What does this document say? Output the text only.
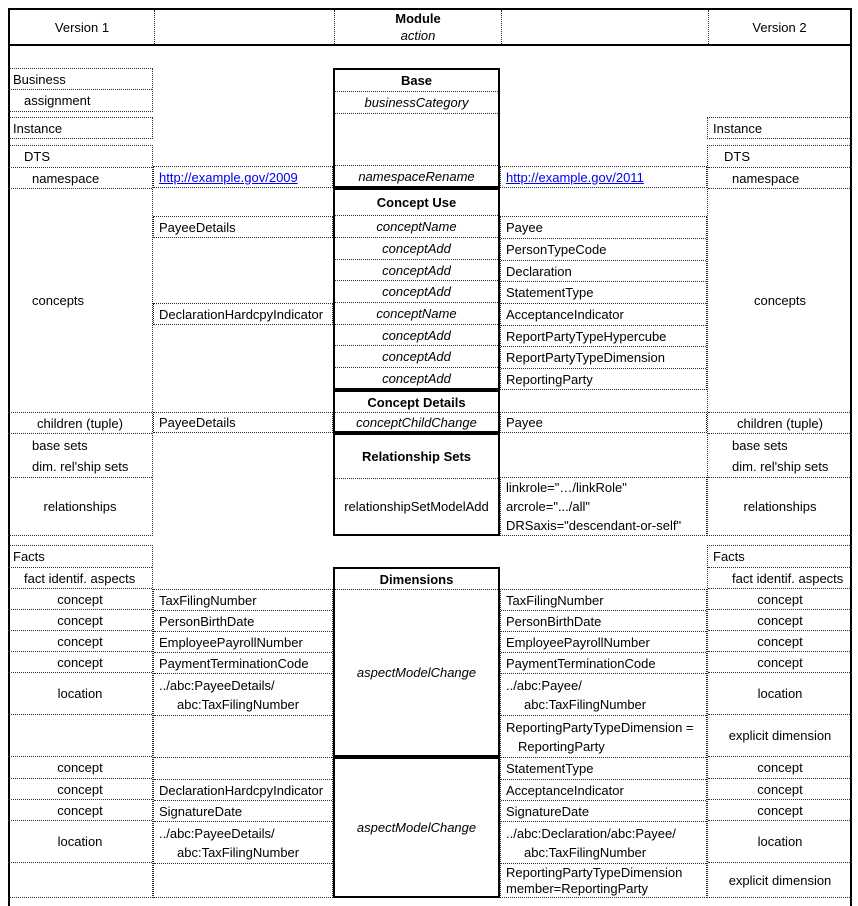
Version 1
Module
action
Version 2
Business
assignment
Instance
DTS
namespace
concepts
children (tuple)
base sets
dim. rel'ship sets
relationships
Facts
fact identif. aspects
concept
concept
concept
concept
location
concept
concept
concept
location
Instance
DTS
namespace
concepts
children (tuple)
base sets
dim. rel'ship sets
relationships
Facts
fact identif. aspects
concept
concept
concept
concept
location
explicit dimension
concept
concept
concept
location
explicit dimension
http://example.gov/2009
PayeeDetails
DeclarationHardcpyIndicator
PayeeDetails
TaxFilingNumber
PersonBirthDate
EmployeePayrollNumber
PaymentTerminationCode
../abc:PayeeDetails/
abc:TaxFilingNumber
DeclarationHardcpyIndicator
SignatureDate
../abc:PayeeDetails/
abc:TaxFilingNumber
http://example.gov/2011
Payee
PersonTypeCode
Declaration
StatementType
AcceptanceIndicator
ReportPartyTypeHypercube
ReportPartyTypeDimension
ReportingParty
Payee
linkrole="…/linkRole"
arcrole=".../all"
DRSaxis="descendant-or-self"
TaxFilingNumber
PersonBirthDate
EmployeePayrollNumber
PaymentTerminationCode
../abc:Payee/
abc:TaxFilingNumber
ReportingPartyTypeDimension =
ReportingParty
StatementType
AcceptanceIndicator
SignatureDate
../abc:Declaration/abc:Payee/
abc:TaxFilingNumber
ReportingPartyTypeDimension
member=ReportingParty
Base
businessCategory
namespaceRename
Concept Use
conceptName
conceptAdd
conceptAdd
conceptAdd
conceptName
conceptAdd
conceptAdd
conceptAdd
Concept Details
conceptChildChange
Relationship Sets
relationshipSetModelAdd
Dimensions
aspectModelChange
aspectModelChange
